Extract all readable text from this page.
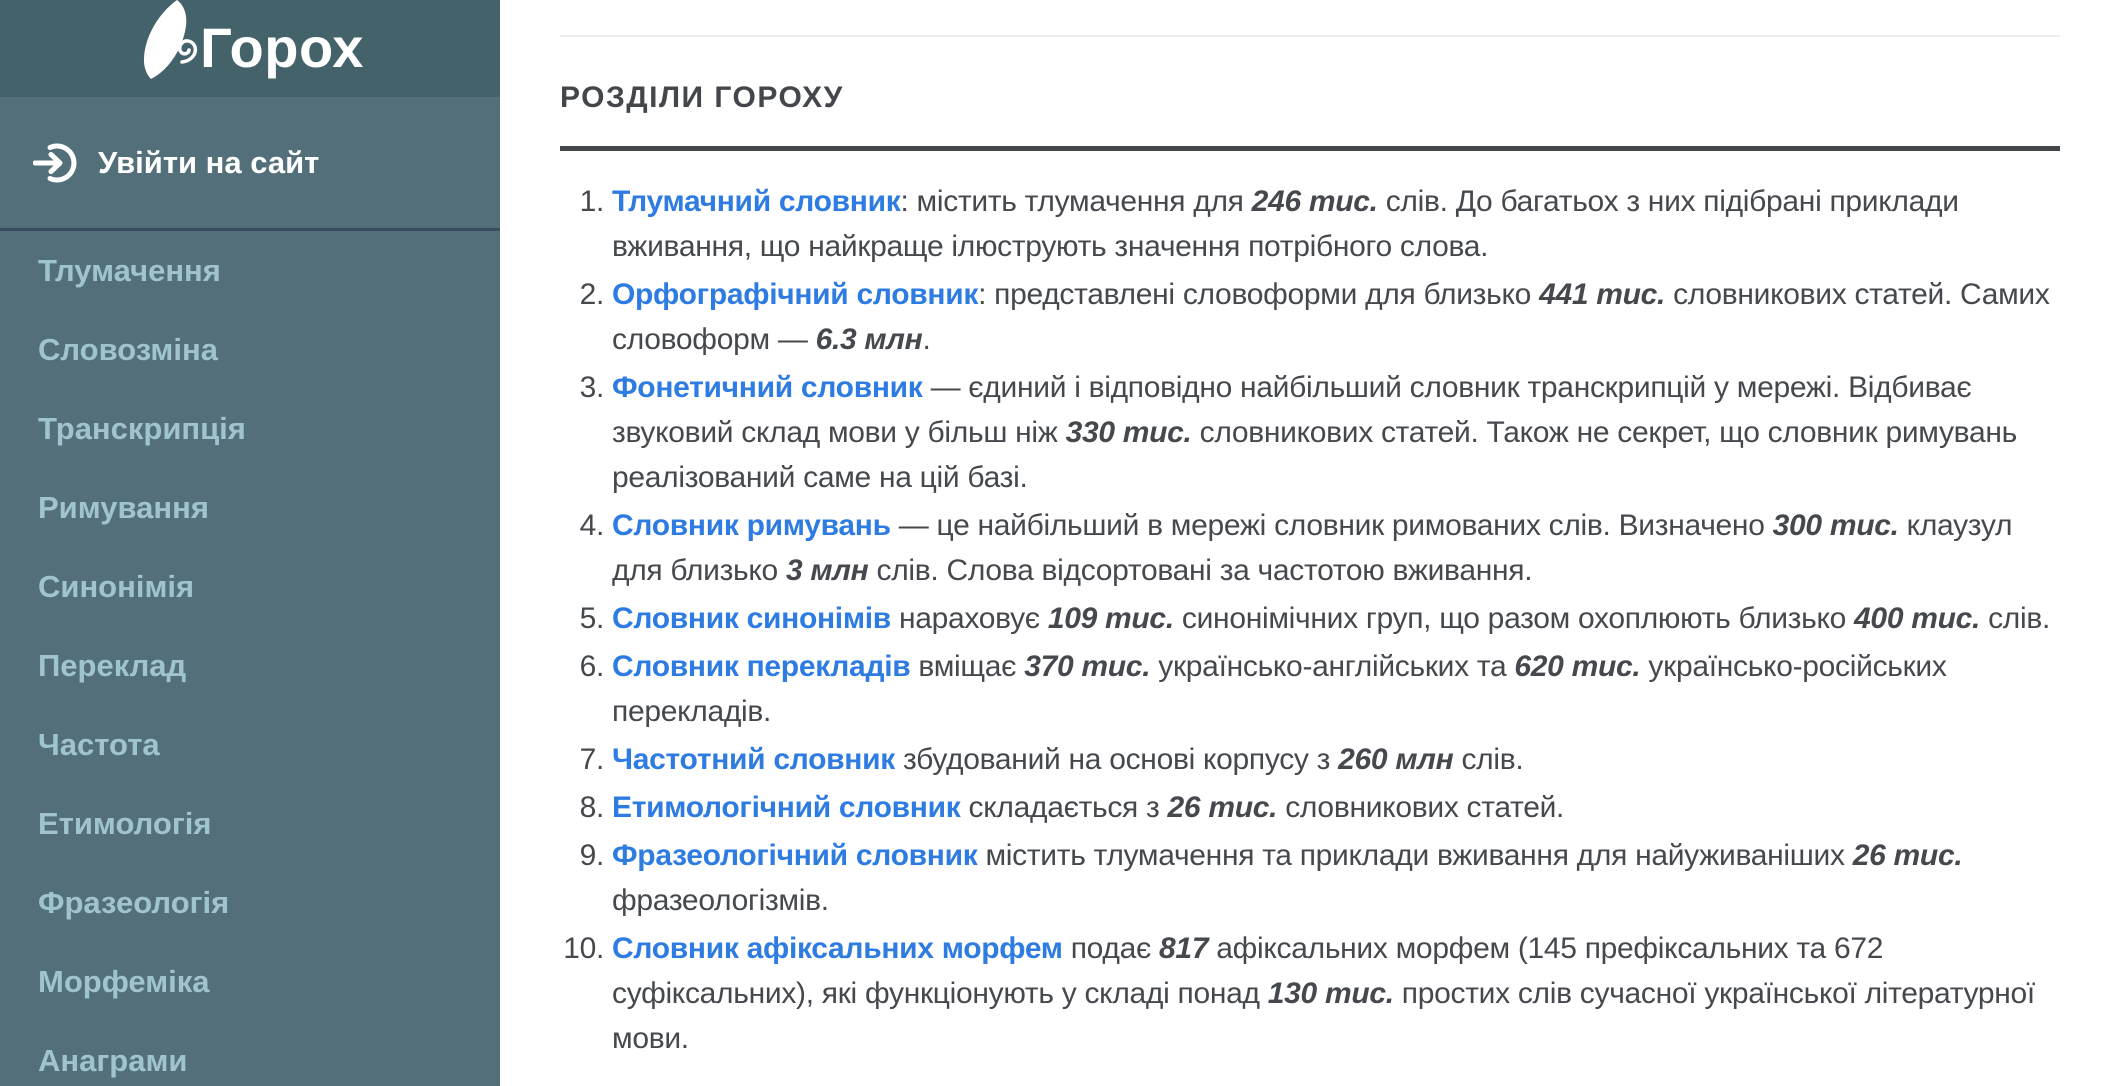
Горох
Увійти на сайт
Тлумачення
Словозміна
Транскрипція
Римування
Синонімія
Переклад
Частота
Етимологія
Фразеологія
Морфеміка
Анаграми
РОЗДІЛИ ГОРОХУ
1. Тлумачний словник: містить тлумачення для 246 тис. слів. До багатьох з них підібрані приклади вживання, що найкраще ілюструють значення потрібного слова.
2. Орфографічний словник: представлені словоформи для близько 441 тис. словникових статей. Самих словоформ — 6.3 млн.
3. Фонетичний словник — єдиний і відповідно найбільший словник транскрипцій у мережі. Відбиває звуковий склад мови у більш ніж 330 тис. словникових статей. Також не секрет, що словник римувань реалізований саме на цій базі.
4. Словник римувань — це найбільший в мережі словник римованих слів. Визначено 300 тис. клаузул для близько 3 млн слів. Слова відсортовані за частотою вживання.
5. Словник синонімів нараховує 109 тис. синонімічних груп, що разом охоплюють близько 400 тис. слів.
6. Словник перекладів вміщає 370 тис. українсько-англійських та 620 тис. українсько-російських перекладів.
7. Частотний словник збудований на основі корпусу з 260 млн слів.
8. Етимологічний словник складається з 26 тис. словникових статей.
9. Фразеологічний словник містить тлумачення та приклади вживання для найуживаніших 26 тис. фразеологізмів.
10. Словник афіксальних морфем подає 817 афіксальних морфем (145 префіксальних та 672 суфіксальних), які функціонують у складі понад 130 тис. простих слів сучасної української літературної мови.
